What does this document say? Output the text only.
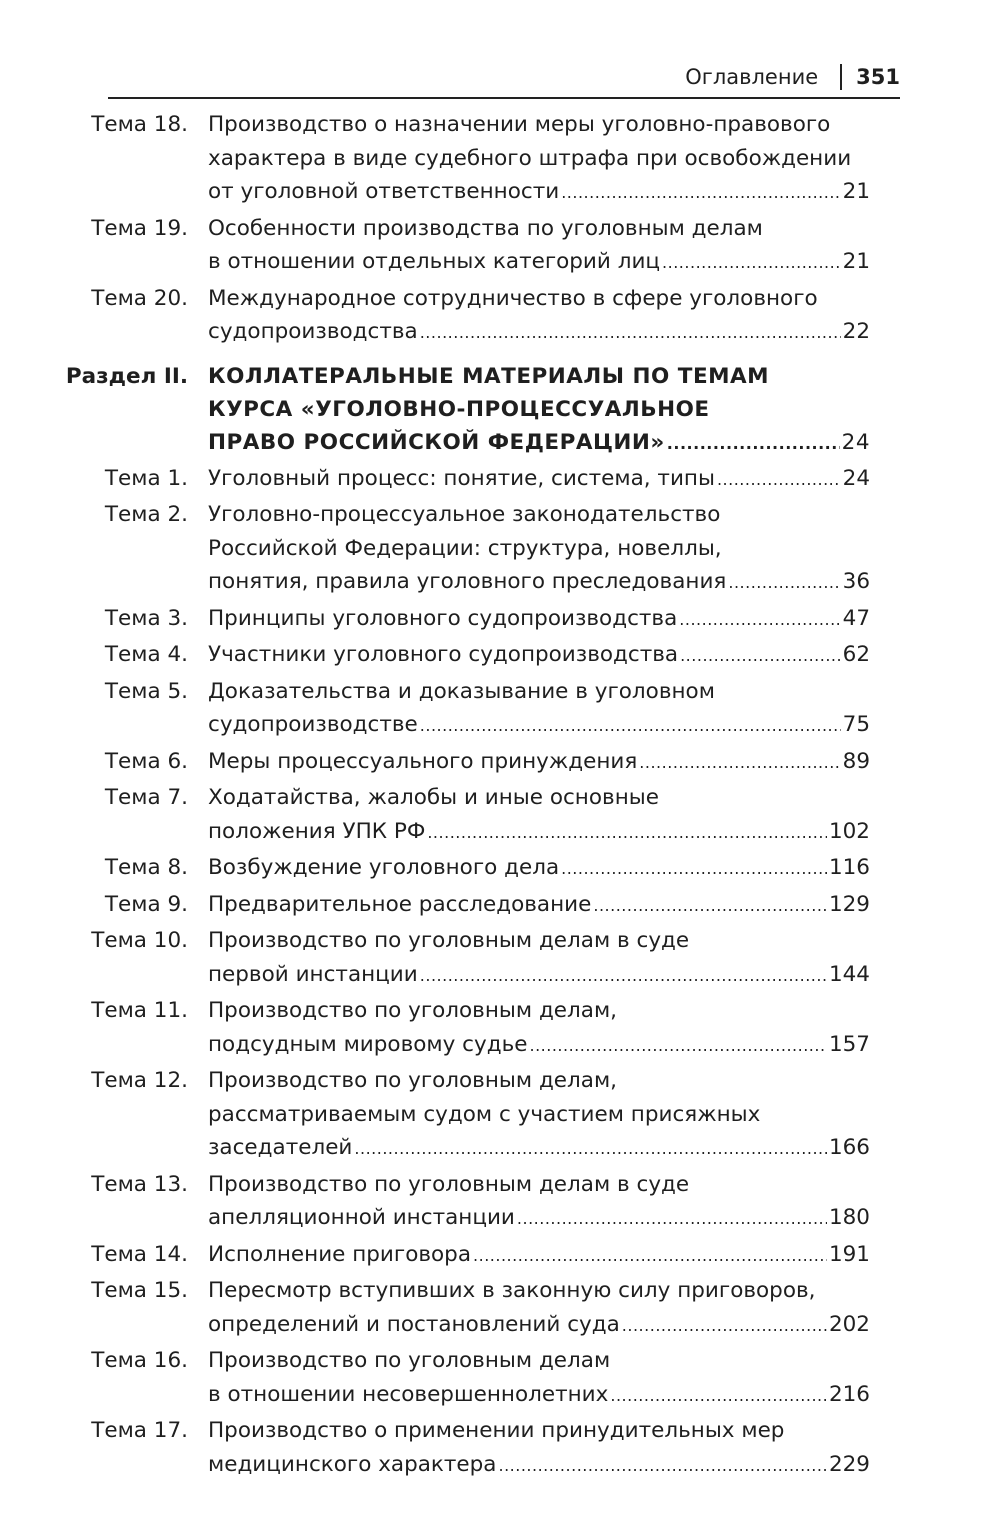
Оглавление 351
Тема 18. Производство о назначении меры уголовно-правового
характера в виде судебного штрафа при освобождении
от уголовной ответственности .....	21
Тема 19. Особенности производства по уголовным делам
в отношении отдельных категорий лиц .....	21
Тема 20. Международное сотрудничество в сфере уголовного
судопроизводства .....	22
Раздел II. КОЛЛАТЕРАЛЬНЫЕ МАТЕРИАЛЫ ПО ТЕМАМ
КУРСА «УГОЛОВНО-ПРОЦЕССУАЛЬНОЕ
ПРАВО РОССИЙСКОЙ ФЕДЕРАЦИИ» .....	24
Тема 1. Уголовный процесс: понятие, система, типы .....	24
Тема 2. Уголовно-процессуальное законодательство
Российской Федерации: структура, новеллы,
понятия, правила уголовного преследования .....	36
Тема 3. Принципы уголовного судопроизводства .....	47
Тема 4. Участники уголовного судопроизводства .....	62
Тема 5. Доказательства и доказывание в уголовном
судопроизводстве .....	75
Тема 6. Меры процессуального принуждения .....	89
Тема 7. Ходатайства, жалобы и иные основные
положения УПК РФ .....	102
Тема 8. Возбуждение уголовного дела .....	116
Тема 9. Предварительное расследование .....	129
Тема 10. Производство по уголовным делам в суде
первой инстанции .....	144
Тема 11. Производство по уголовным делам,
подсудным мировому судье .....	157
Тема 12. Производство по уголовным делам,
рассматриваемым судом с участием присяжных
заседателей .....	166
Тема 13. Производство по уголовным делам в суде
апелляционной инстанции .....	180
Тема 14. Исполнение приговора .....	191
Тема 15. Пересмотр вступивших в законную силу приговоров,
определений и постановлений суда .....	202
Тема 16. Производство по уголовным делам
в отношении несовершеннолетних .....	216
Тема 17. Производство о применении принудительных мер
медицинского характера .....	229
